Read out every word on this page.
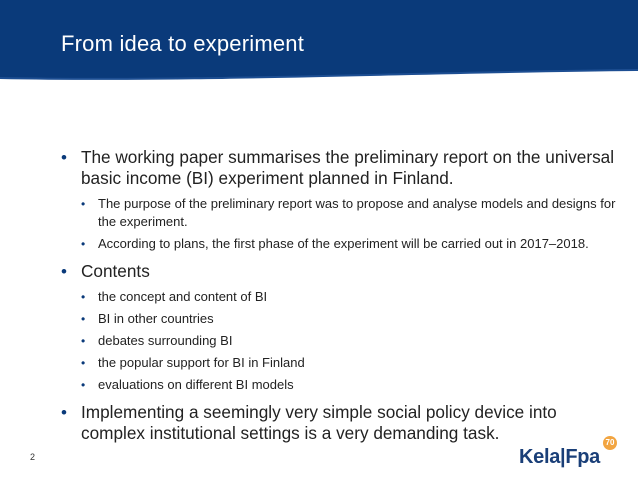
From idea to experiment
• The working paper summarises the preliminary report on the universal basic income (BI) experiment planned in Finland.
• The purpose of the preliminary report was to propose and analyse models and designs for the experiment.
• According to plans, the first phase of the experiment will be carried out in 2017–2018.
• Contents
• the concept and content of BI
• BI in other countries
• debates surrounding BI
• the popular support for BI in Finland
• evaluations on different BI models
• Implementing a seemingly very simple social policy device into complex institutional settings is a very demanding task.
2	Kela|Fpa
70
